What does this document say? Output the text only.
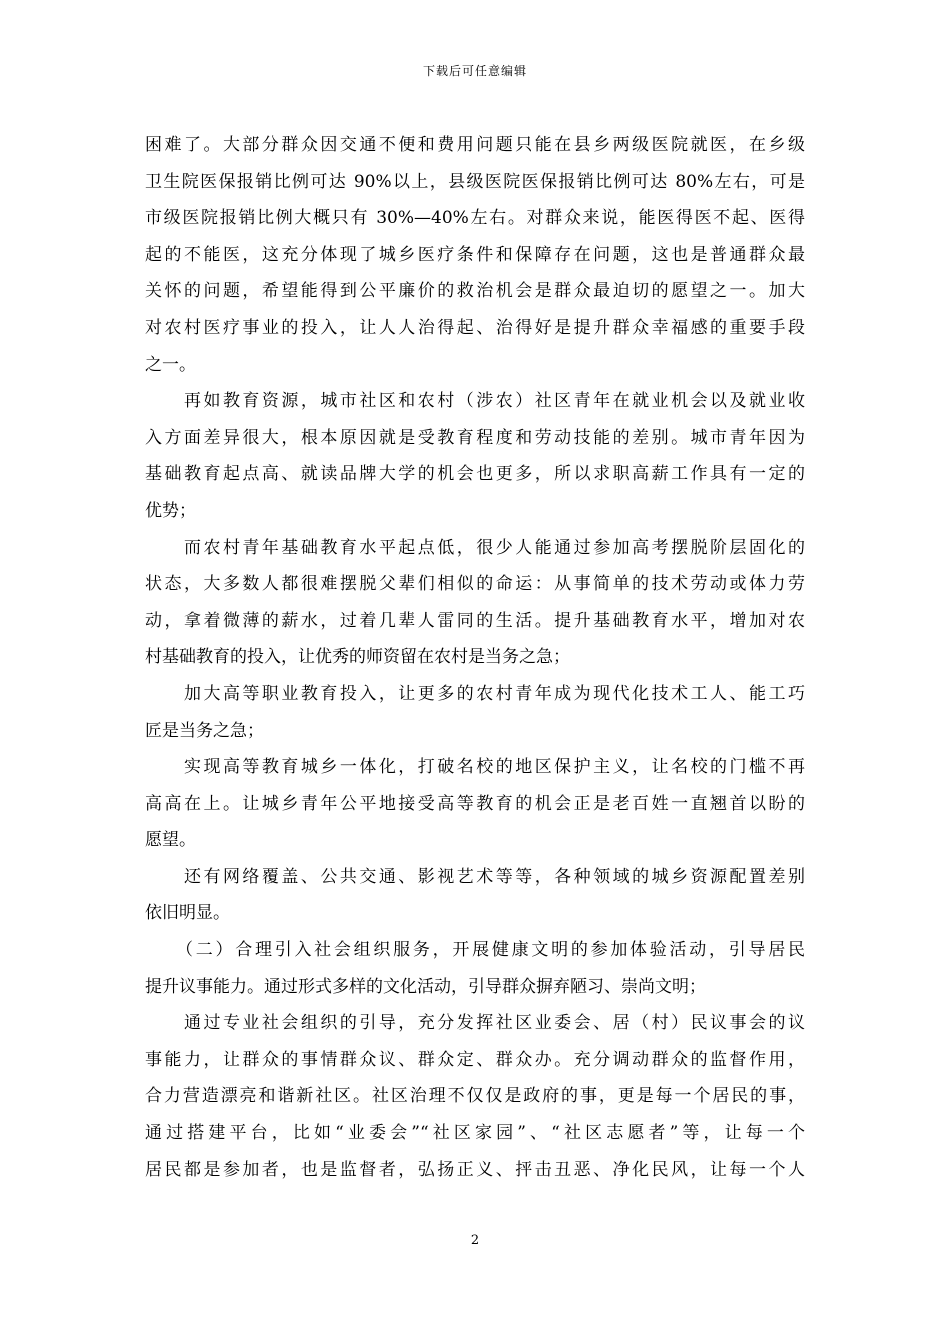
下载后可任意编辑
困难了。大部分群众因交通不便和费用问题只能在县乡两级医院就医，在乡级
卫生院医保报销比例可达 90%以上，县级医院医保报销比例可达 80%左右，可是
市级医院报销比例大概只有 30%—40%左右。对群众来说，能医得医不起、医得
起的不能医，这充分体现了城乡医疗条件和保障存在问题，这也是普通群众最
关怀的问题，希望能得到公平廉价的救治机会是群众最迫切的愿望之一。加大
对农村医疗事业的投入，让人人治得起、治得好是提升群众幸福感的重要手段
之一。
　　再如教育资源，城市社区和农村（涉农）社区青年在就业机会以及就业收
入方面差异很大，根本原因就是受教育程度和劳动技能的差别。城市青年因为
基础教育起点高、就读品牌大学的机会也更多，所以求职高薪工作具有一定的
优势；
　　而农村青年基础教育水平起点低，很少人能通过参加高考摆脱阶层固化的
状态，大多数人都很难摆脱父辈们相似的命运：从事简单的技术劳动或体力劳
动，拿着微薄的薪水，过着几辈人雷同的生活。提升基础教育水平，增加对农
村基础教育的投入，让优秀的师资留在农村是当务之急；
　　加大高等职业教育投入，让更多的农村青年成为现代化技术工人、能工巧
匠是当务之急；
　　实现高等教育城乡一体化，打破名校的地区保护主义，让名校的门槛不再
高高在上。让城乡青年公平地接受高等教育的机会正是老百姓一直翘首以盼的
愿望。
　　还有网络覆盖、公共交通、影视艺术等等，各种领域的城乡资源配置差别
依旧明显。
　　（二）合理引入社会组织服务，开展健康文明的参加体验活动，引导居民
提升议事能力。通过形式多样的文化活动，引导群众摒弃陋习、崇尚文明；
　　通过专业社会组织的引导，充分发挥社区业委会、居（村）民议事会的议
事能力，让群众的事情群众议、群众定、群众办。充分调动群众的监督作用，
合力营造漂亮和谐新社区。社区治理不仅仅是政府的事，更是每一个居民的事，
通过搭建平台，比如“业委会”“社区家园”、“社区志愿者”等，让每一个
居民都是参加者，也是监督者，弘扬正义、抨击丑恶、净化民风，让每一个人
2
